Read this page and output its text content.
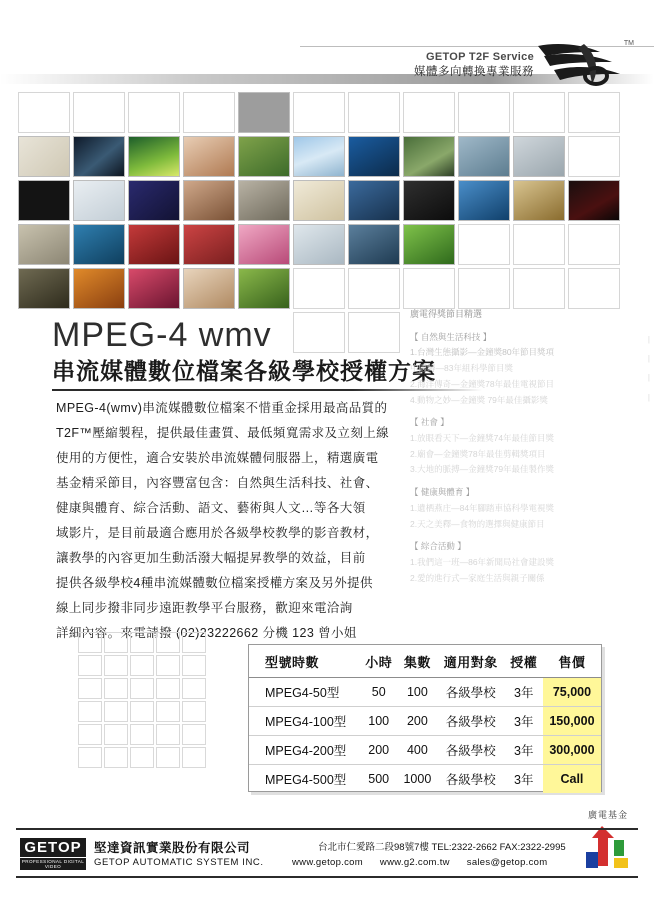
GETOP T2F Service
媒體多向轉換專業服務
TM
MPEG-4 wmv
串流媒體數位檔案各級學校授權方案

MPEG-4(wmv)串流媒體數位檔案不惜重金採用最高品質的

T2F™壓縮製程，提供最佳畫質、最低頻寬需求及立刻上線

使用的方便性，適合安裝於串流媒體伺服器上，精選廣電

基金精采節目，內容豐富包含：自然與生活科技、社會、

健康與體育、綜合活動、語文、藝術與人文…等各大領

域影片，是目前最適合應用於各級學校教學的影音教材，

讓教學的內容更加生動活潑大幅提昇教學的效益，目前

提供各級學校4種串流媒體數位檔案授權方案及另外提供

線上同步撥非同步遠距教學平台服務，歡迎來電洽詢

詳細內容。來電請撥 (02)23222662 分機 123 曾小姐

廣電得獎節目精選
【 自然與生活科技 】
1.台灣生態攝影—金鐘獎80年節目獎項
中國鱘—83年組科學節目獎
2.海洋傳奇—金鐘獎78年最佳電視節目
4.動物之妙—金鐘獎 79年最佳攝影獎
【 社會 】
1.放眼看天下—金鐘獎74年最佳節目獎
2.廟會—金鐘獎78年最佳剪輯獎項目
3.大地的脈搏—金鐘獎79年最佳製作獎
【 健康與體育 】
1.遺栖燕庄—84年腳踏車協科學電視獎
2.天之美釋—食物的選擇與健康節目
【 綜合活動 】
1.我們這一班—86年新聞局社會建設獎
2.愛的進行式—家庭生活與親子關係
|
|
|
|
型號時數	小時	集數	適用對象	授權	售價
MPEG4-50型	50	100	各級學校	3年	75,000
MPEG4-100型	100	200	各級學校	3年	150,000
MPEG4-200型	200	400	各級學校	3年	300,000
MPEG4-500型	500	1000	各級學校	3年	Call
廣電基金
GETOP
PROFESSIONAL DIGITAL VIDEO
堅達資訊實業股份有限公司
GETOP AUTOMATIC SYSTEM INC.
台北市仁愛路二段98號7樓 TEL:2322-2662 FAX:2322-2995
www.getop.com www.g2.com.tw sales@getop.com
